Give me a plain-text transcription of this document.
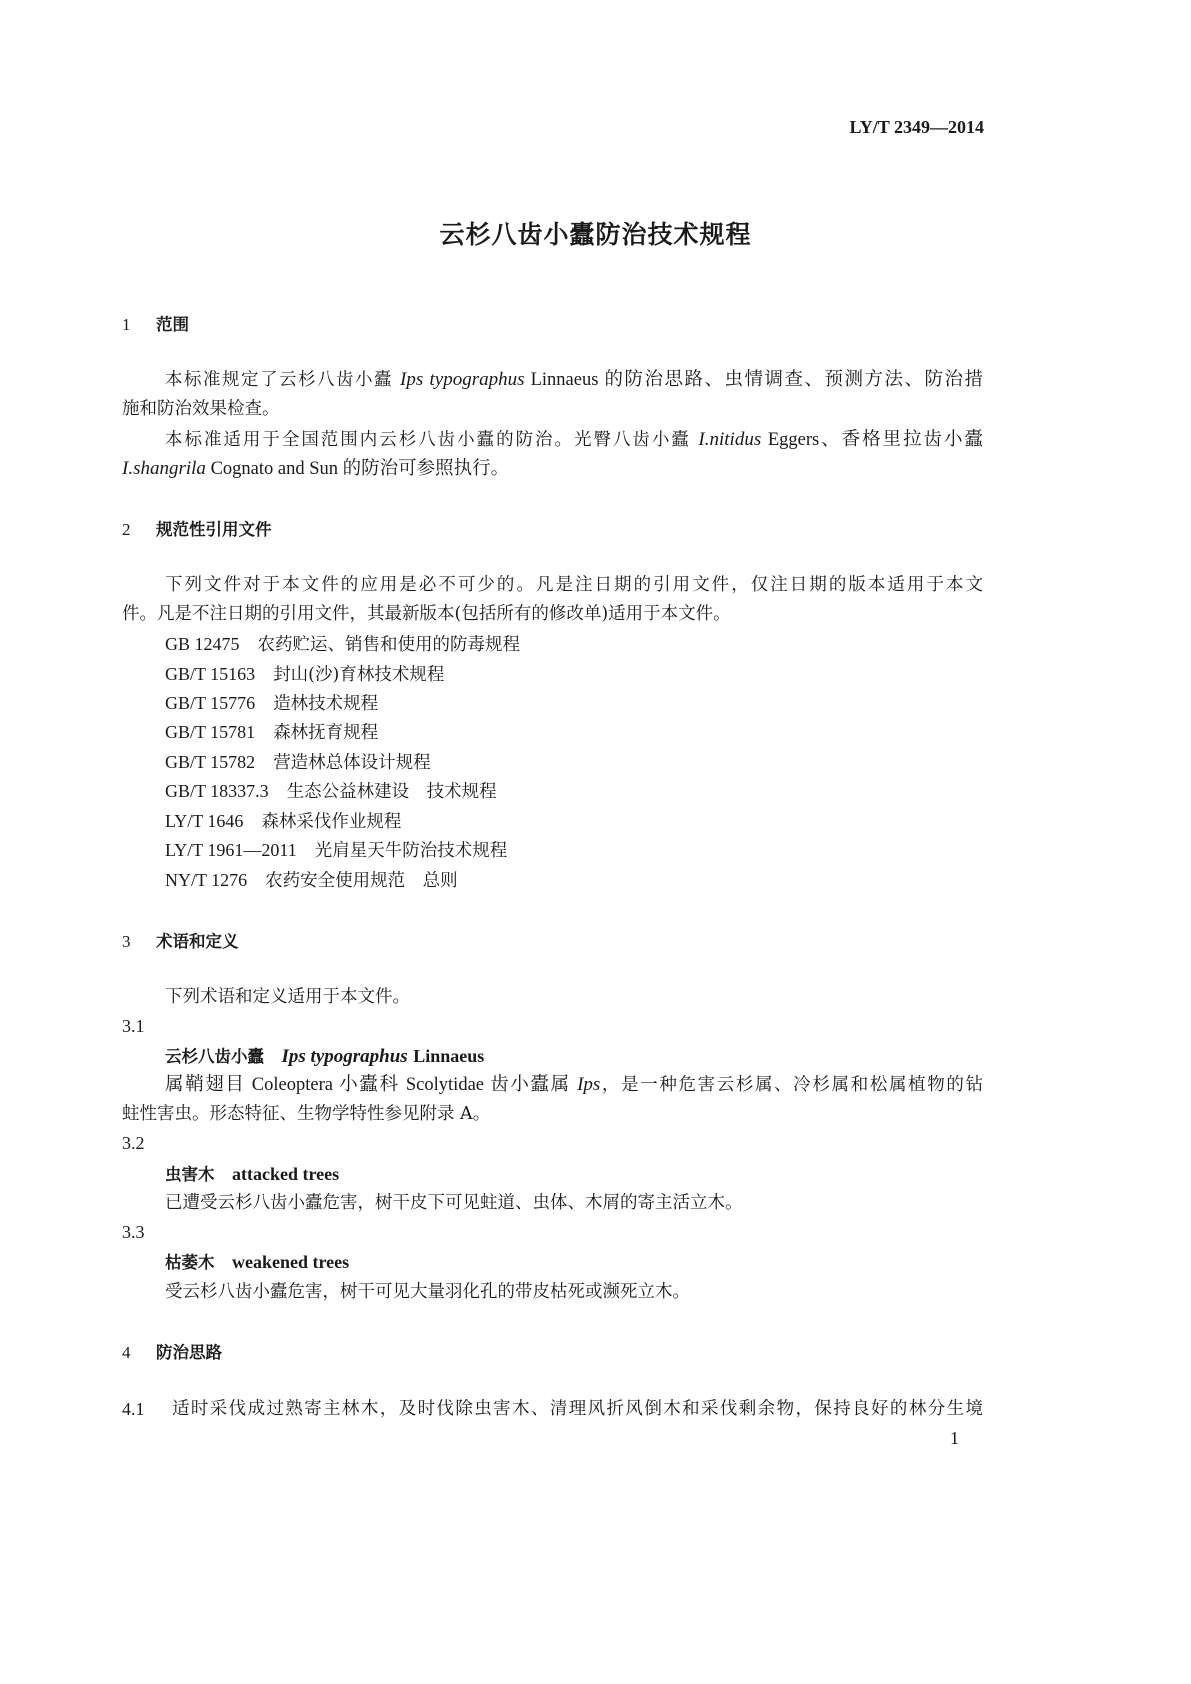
LY/T 2349—2014
云杉八齿小蠹防治技术规程
1 范围
本标准规定了云杉八齿小蠹 Ips typographus Linnaeus 的防治思路、虫情调查、预测方法、防治措
施和防治效果检查。
本标准适用于全国范围内云杉八齿小蠹的防治。光臀八齿小蠹 I.nitidus Eggers、香格里拉齿小蠹
I.shangrila Cognato and Sun 的防治可参照执行。
2 规范性引用文件
下列文件对于本文件的应用是必不可少的。凡是注日期的引用文件，仅注日期的版本适用于本文
件。凡是不注日期的引用文件，其最新版本(包括所有的修改单)适用于本文件。
GB 12475 农药贮运、销售和使用的防毒规程
GB/T 15163 封山(沙)育林技术规程
GB/T 15776 造林技术规程
GB/T 15781 森林抚育规程
GB/T 15782 营造林总体设计规程
GB/T 18337.3 生态公益林建设　技术规程
LY/T 1646 森林采伐作业规程
LY/T 1961—2011 光肩星天牛防治技术规程
NY/T 1276 农药安全使用规范　总则
3 术语和定义
下列术语和定义适用于本文件。
3.1
云杉八齿小蠹　 Ips typographus Linnaeus
属鞘翅目 Coleoptera 小蠹科 Scolytidae 齿小蠹属 Ips，是一种危害云杉属、冷杉属和松属植物的钻
蛀性害虫。形态特征、生物学特性参见附录 A。
3.2
虫害木　 attacked trees
已遭受云杉八齿小蠹危害，树干皮下可见蛀道、虫体、木屑的寄主活立木。
3.3
枯萎木　 weakened trees
受云杉八齿小蠹危害，树干可见大量羽化孔的带皮枯死或濒死立木。
4 防治思路
4.1 适时采伐成过熟寄主林木，及时伐除虫害木、清理风折风倒木和采伐剩余物，保持良好的林分生境
1
